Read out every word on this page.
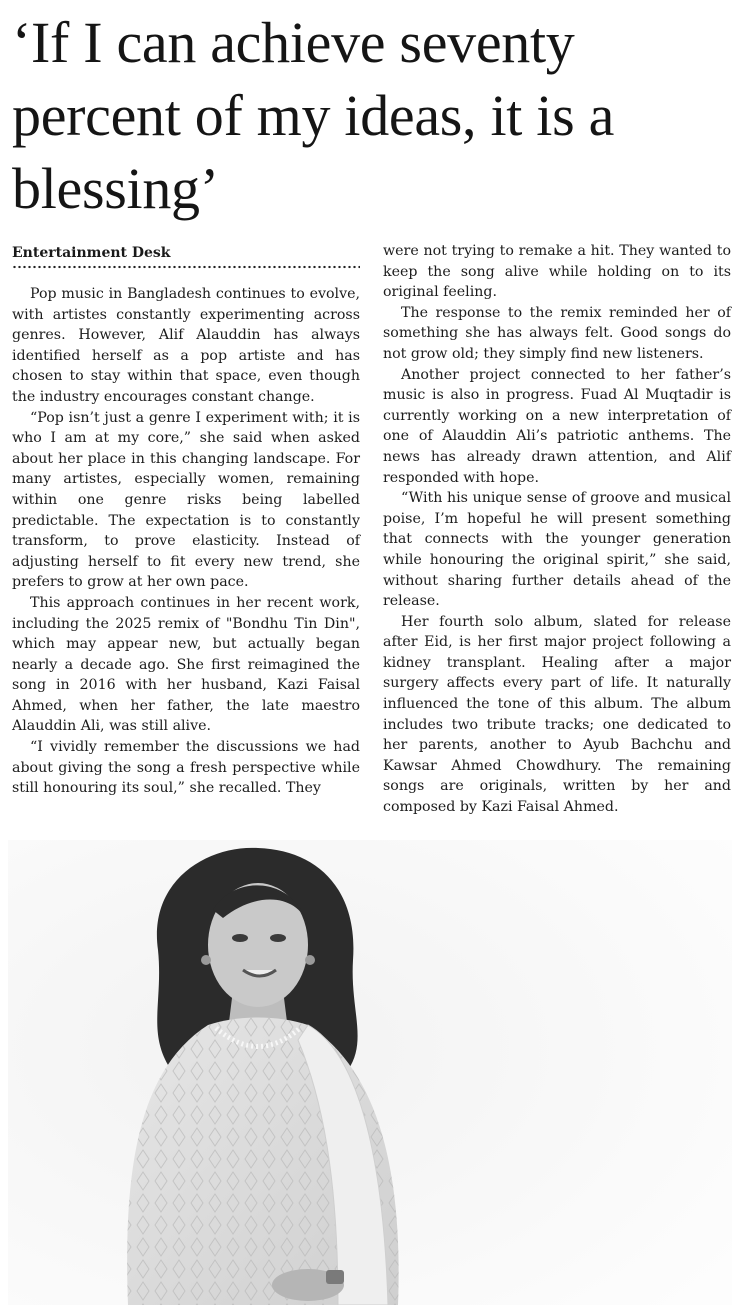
‘If I can achieve seventy percent of my ideas, it is a blessing’
Entertainment Desk

Pop music in Bangladesh continues to evolve, with artistes constantly experimenting across genres. However, Alif Alauddin has always identified herself as a pop artiste and has chosen to stay within that space, even though the industry encourages constant change.

“Pop isn’t just a genre I experiment with; it is who I am at my core,” she said when asked about her place in this changing landscape. For many artistes, especially women, remaining within one genre risks being labelled predictable. The expectation is to constantly transform, to prove elasticity. Instead of adjusting herself to fit every new trend, she prefers to grow at her own pace.

This approach continues in her recent work, including the 2025 remix of "Bondhu Tin Din", which may appear new, but actually began nearly a decade ago. She first reimagined the song in 2016 with her husband, Kazi Faisal Ahmed, when her father, the late maestro Alauddin Ali, was still alive.

“I vividly remember the discussions we had about giving the song a fresh perspective while still honouring its soul,” she recalled. They

were not trying to remake a hit. They wanted to keep the song alive while holding on to its original feeling.

The response to the remix reminded her of something she has always felt. Good songs do not grow old; they simply find new listeners.

Another project connected to her father’s music is also in progress. Fuad Al Muqtadir is currently working on a new interpretation of one of Alauddin Ali’s patriotic anthems. The news has already drawn attention, and Alif responded with hope.

“With his unique sense of groove and musical poise, I’m hopeful he will present something that connects with the younger generation while honouring the original spirit,” she said, without sharing further details ahead of the release.

Her fourth solo album, slated for release after Eid, is her first major project following a kidney transplant. Healing after a major surgery affects every part of life. It naturally influenced the tone of this album. The album includes two tribute tracks; one dedicated to her parents, another to Ayub Bachchu and Kawsar Ahmed Chowdhury. The remaining songs are originals, written by her and composed by Kazi Faisal Ahmed.
